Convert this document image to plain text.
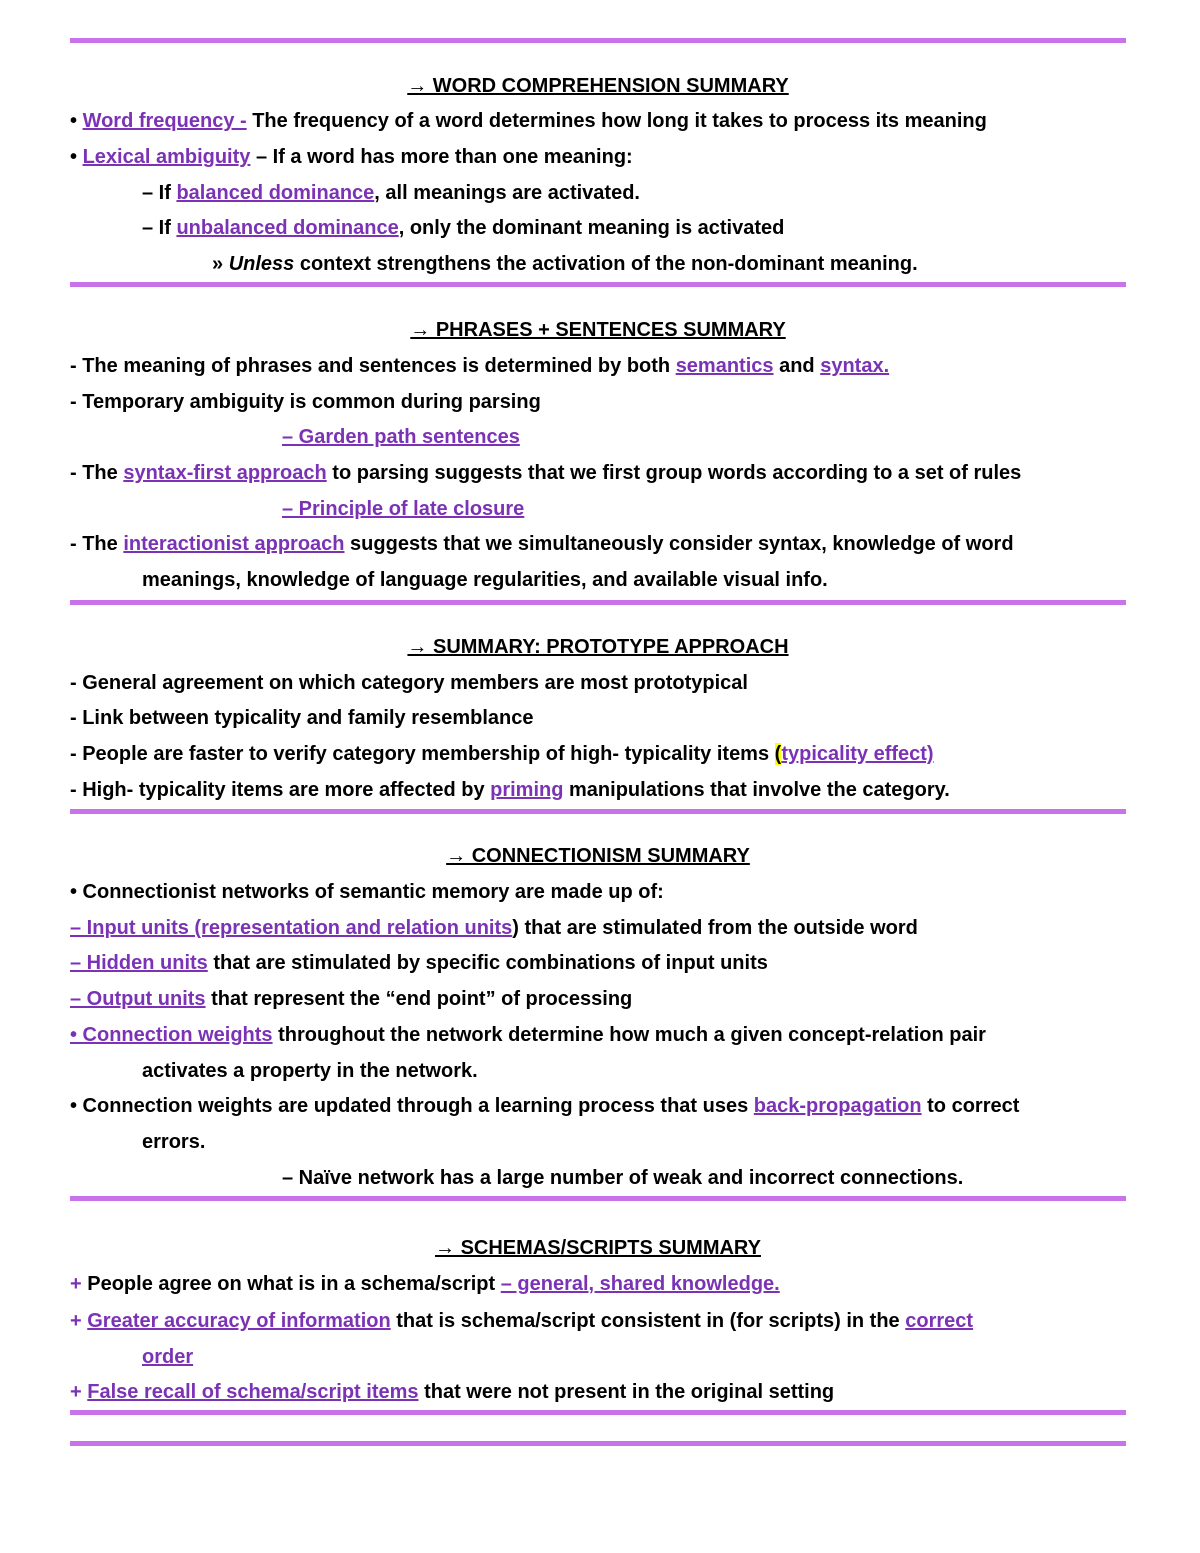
→ WORD COMPREHENSION SUMMARY
• Word frequency - The frequency of a word determines how long it takes to process its meaning
• Lexical ambiguity – If a word has more than one meaning:
– If balanced dominance, all meanings are activated.
– If unbalanced dominance, only the dominant meaning is activated
» Unless context strengthens the activation of the non-dominant meaning.
→ PHRASES + SENTENCES SUMMARY
- The meaning of phrases and sentences is determined by both semantics and syntax.
- Temporary ambiguity is common during parsing
– Garden path sentences
- The syntax-first approach to parsing suggests that we first group words according to a set of rules
– Principle of late closure
- The interactionist approach suggests that we simultaneously consider syntax, knowledge of word
meanings, knowledge of language regularities, and available visual info.
→ SUMMARY: PROTOTYPE APPROACH
- General agreement on which category members are most prototypical
- Link between typicality and family resemblance
- People are faster to verify category membership of high- typicality items (typicality effect)
- High- typicality items are more affected by priming manipulations that involve the category.
→ CONNECTIONISM SUMMARY
• Connectionist networks of semantic memory are made up of:
– Input units (representation and relation units) that are stimulated from the outside word
– Hidden units that are stimulated by specific combinations of input units
– Output units that represent the “end point” of processing
• Connection weights throughout the network determine how much a given concept-relation pair
activates a property in the network.
• Connection weights are updated through a learning process that uses back-propagation to correct
errors.
– Naïve network has a large number of weak and incorrect connections.
→ SCHEMAS/SCRIPTS SUMMARY
+ People agree on what is in a schema/script – general, shared knowledge.
+ Greater accuracy of information that is schema/script consistent in (for scripts) in the correct
order
+ False recall of schema/script items that were not present in the original setting
